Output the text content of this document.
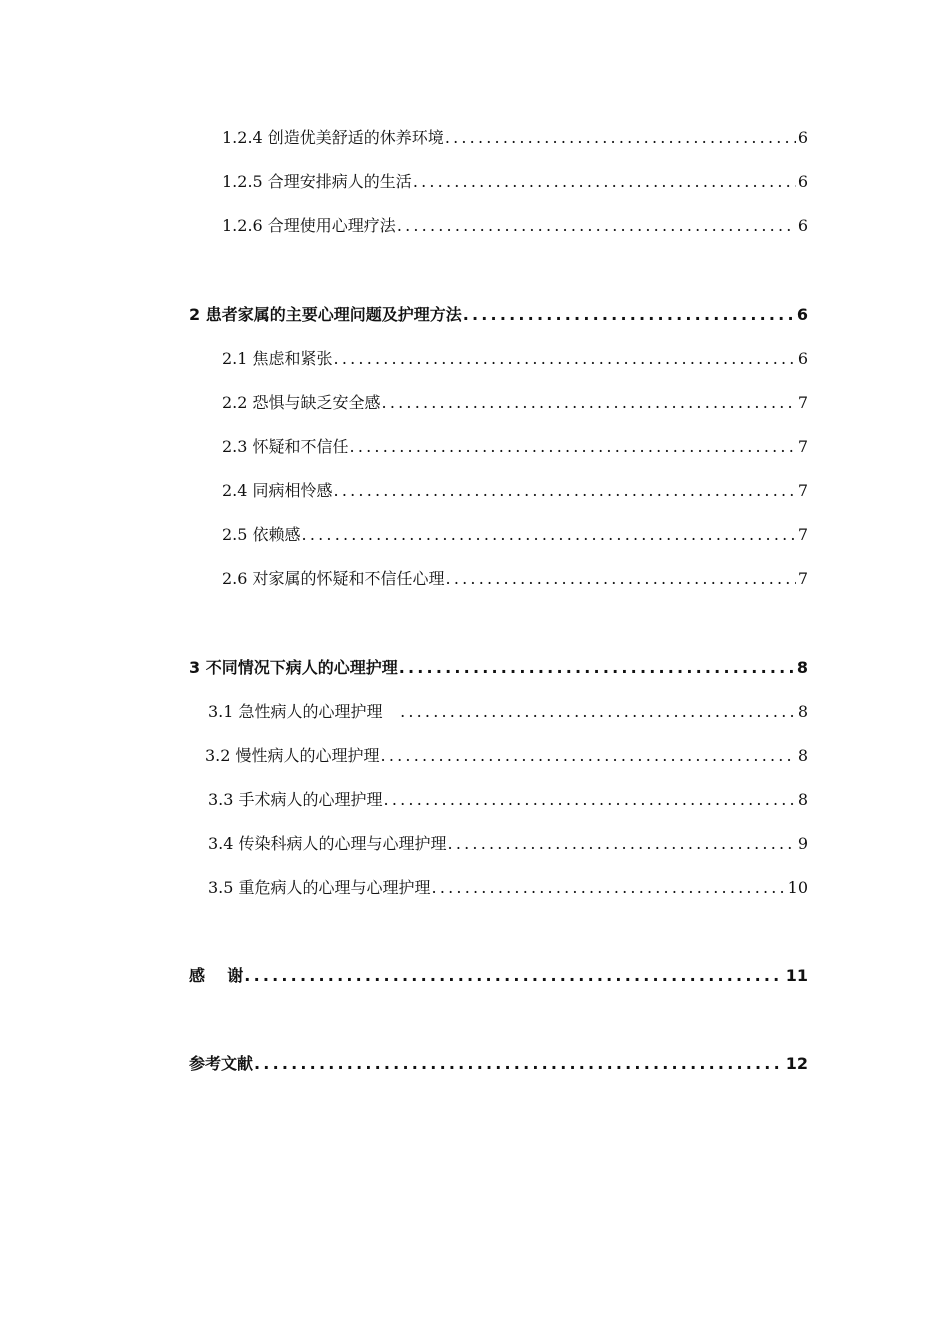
1.2.4 创造优美舒适的休养环境 .....	6
1.2.5 合理安排病人的生活 .....	6
1.2.6 合理使用心理疗法 .....	6
2 患者家属的主要心理问题及护理方法 .....	6
2.1 焦虑和紧张 .....	6
2.2 恐惧与缺乏安全感 .....	7
2.3 怀疑和不信任 .....	7
2.4 同病相怜感 .....	7
2.5 依赖感 .....	7
2.6 对家属的怀疑和不信任心理 .....	7
3 不同情况下病人的心理护理 .....	8
3.1 急性病人的心理护理 .....	8
3.2 慢性病人的心理护理 .....	8
3.3 手术病人的心理护理 .....	8
3.4 传染科病人的心理与心理护理 .....	9
3.5 重危病人的心理与心理护理 .....	10
感    谢 .....	11
参考文献 .....	12
